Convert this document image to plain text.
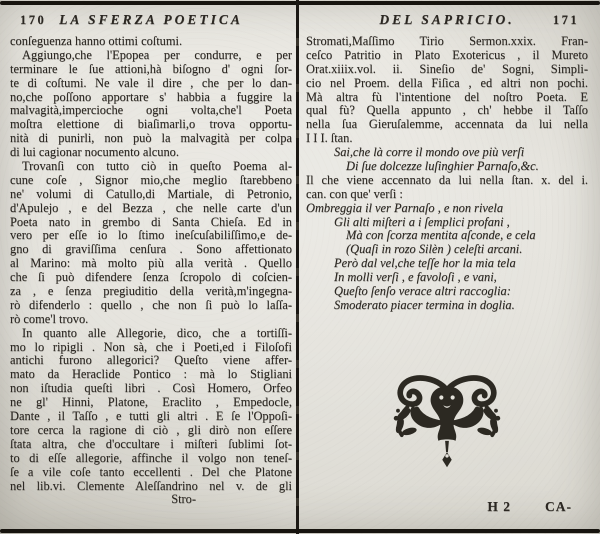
170 LA SFERZA POETICA
conſeguenza hanno ottimi coſtumi.
Aggiungo,che l'Epopea per condurre, e per
terminare le ſue attioni,hà biſogno d' ogni ſor-
te di coſtumi. Ne vale il dire , che per lo dan-
no,che poſſono apportare s' habbia a fuggire la
malvagità,impercioche ogni volta,che'l Poeta
moſtra elettione di biaſimarli,o trova opportu-
nità di punirli, non può la malvagità per colpa
di lui cagionar nocumento alcuno.
Trovanſi con tutto ciò in queſto Poema al-
cune coſe , Signor mio,che meglio ſtarebbeno
ne' volumi di Catullo,di Martiale, di Petronio,
d'Apulejo , e del Bezza , che nelle carte d'un
Poeta nato in grembo di Santa Chieſa. Ed in
vero per eſſe io lo ſtimo ineſcuſabiliſſimo,e de-
gno di graviſſima cenſura . Sono affettionato
al Marino: mà molto più alla verità . Quello
che ſi può difendere ſenza ſcropolo di coſcien-
za , e ſenza pregiuditio della verità,m'ingegna-
rò difenderlo : quello , che non ſi può lo laſſa-
rò come'l trovo.
In quanto alle Allegorie, dico, che a tortiſſi-
mo lo ripigli . Non sà, che i Poeti,ed i Filoſofi
antichi furono allegorici? Queſto viene affer-
mato da Heraclide Pontico : mà lo Stigliani
non iſtudia queſti libri . Così Homero, Orfeo
ne gl' Hinni, Platone, Eraclito , Empedocle,
Dante , il Taſſo , e tutti gli altri . E ſe l'Oppoſi-
tore cerca la ragione di ciò , gli dirò non eſſere
ſtata altra, che d'occultare i miſteri ſublimi ſot-
to di eſſe allegorie, affinche il volgo non teneſ-
ſe a vile coſe tanto eccellenti . Del che Platone
nel lib.vi. Clemente Aleſſandrino nel v. de gli
Stro-
DEL SAPRICIO.	171
Stromati,Maſſimo Tirio Sermon.xxix. Fran-
ceſco Patritio in Plato Exotericus , il Mureto
Orat.xiiix.vol. ii. Sineſio de' Sogni, Simpli-
cio nel Proem. della Fiſica , ed altri non pochi.
Mà altra fù l'intentione del noſtro Poeta. E
qual fù? Quella appunto , ch' hebbe il Taſſo
nella ſua Gieruſalemme, accennata da lui nella
I I I. ſtan.
Sai,che là corre il mondo ove più verſi
Di ſue dolcezze luſinghier Parnaſo,&c.
Il che viene accennato da lui nella ſtan. x. del i.
can. con que' verſi :
Ombreggia il ver Parnaſo , e non rivela
Gli alti miſteri a i ſemplici profani ,
Mà con ſcorza mentita aſconde, e cela
(Quaſi in rozo Silèn ) celeſti arcani.
Però dal vel,che teſſe hor la mia tela
In molli verſi , e favoloſi , e vani,
Queſto ſenſo verace altri raccoglia:
Smoderato piacer termina in doglia.
H 2	CA-
